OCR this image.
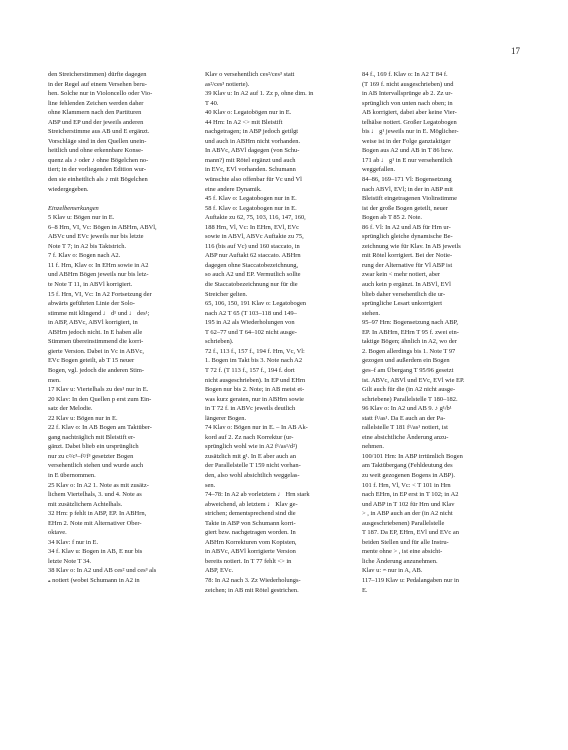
17

den Streicherstimmen) dürfte dagegen

in der Regel auf einem Versehen beru-

hen. Solche nur in Violoncello oder Vio-

line fehlenden Zeichen werden daher

ohne Klammern nach den Partituren

ABP und EP und der jeweils anderen

Streicherstimme aus AB und E ergänzt.

Vorschläge sind in den Quellen unein-

heitlich und ohne erkennbare Konse-

quenz als ♪ oder ♪ ohne Bögelchen no-

tiert; in der vorliegenden Edition wur-

den sie einheitlich als ♪ mit Bögelchen

wiedergegeben.

Einzelbemerkungen

5 Klav u: Bögen nur in E.

6–8 Hrn, VI, Vc: Bögen in ABHrn, ABVl,

ABVc und EVc jeweils nur bis letzte

Note T 7; in A2 bis Taktstrich.

7 f. Klav o: Bogen nach A2.

11 f. Hrn, Klav o: In EHrn sowie in A2

und ABHrn Bögen jeweils nur bis letz-

te Note T 11, in ABVl korrigiert.

15 f. Hrn, VI, Vc: In A2 Fortsetzung der

abwärts geführten Linie der Solo-

stimme mit klingend ♩ d¹ und ♩ des¹;

in ABP, ABVc, ABVl korrigiert, in

ABHrn jedoch nicht. In E haben alle

Stimmen übereinstimmend die korri-

gierte Version. Dabei in Vc in ABVc,

EVc Bogen geteilt, ab T 15 neuer

Bogen, vgl. jedoch die anderen Stim-

men.

17 Klav u: Viertelhals zu des¹ nur in E.

20 Klav: In den Quellen p erst zum Ein-

satz der Melodie.

22 Klav u: Bögen nur in E.

22 f. Klav o: In AB Bogen am Taktüber-

gang nachträglich mit Bleistift er-

gänzt. Dabei blieb ein ursprünglich

nur zu c²/c³–f²/f³ gesetzter Bogen

versehentlich stehen und wurde auch

in E übernommen.

25 Klav o: In A2 1. Note as mit zusätz-

lichem Viertelhals, 3. und 4. Note as

mit zusätzlichem Achtelhals.

32 Hrn: p fehlt in ABP, EP. In ABHrn,

EHrn 2. Note mit Alternativer Ober-

oktave.

34 Klav: f nur in E.

34 f. Klav u: Bogen in AB, E nur bis

letzte Note T 34.

38 Klav o: In A2 und AB ces² und ces³ als

𝅝 notiert (wobei Schumann in A2 in

Klav o versehentlich ces²/ces³ statt

as²/ces³ notierte).

39 Klav u: In A2 auf 1. Zz p, ohne dim. in

T 40.

40 Klav o: Legatobögen nur in E.

44 Hrn: In A2 <> mit Bleistift

nachgetragen; in ABP jedoch getilgt

und auch in ABHrn nicht vorhanden.

In ABVc, ABVl dagegen (von Schu-

mann?) mit Rötel ergänzt und auch

in EVc, EVl vorhanden. Schumann

wünschte also offenbar für Vc und Vl

eine andere Dynamik.

45 f. Klav o: Legatobogen nur in E.

58 f. Klav o: Legatobogen nur in E.

Auftakte zu 62, 75, 103, 116, 147, 160,

188 Hrn, Vl, Vc: In EHrn, EVl, EVc

sowie in ABVl, ABVc Auftakte zu 75,

116 (bis auf Vc) und 160 staccato, in

ABP nur Auftakt 62 staccato. ABHrn

dagegen ohne Staccatobezeichnung,

so auch A2 und EP. Vermutlich sollte

die Staccatobezeichnung nur für die

Streicher gelten.

65, 106, 150, 191 Klav o: Legatobogen

nach A2 T 65 (T 103–118 und 149–

195 in A2 als Wiederholungen von

T 62–77 und T 64–102 nicht ausge-

schrieben).

72 f., 113 f., 157 f., 194 f. Hrn, Vc, Vl:

1. Bogen im Takt bis 3. Note nach A2

T 72 f. (T 113 f., 157 f., 194 f. dort

nicht ausgeschrieben). In EP und EHrn

Bogen nur bis 2. Note; in AB meist et-

was kurz geraten, nur in ABHrn sowie

in T 72 f. in ABVc jeweils deutlich

längerer Bogen.

74 Klav o: Bögen nur in E. – In AB Ak-

kord auf 2. Zz nach Korrektur (ur-

sprünglich wohl wie in A2 f¹/as¹/d²)

zusätzlich mit g¹. In E aber auch an

der Parallelstelle T 159 nicht vorhan-

den, also wohl absichtlich weggelas-

sen.

74–78: In A2 ab vorletztem ♩ Hrn stark

abweichend, ab letztem ♩ Klav ge-

strichen; dementsprechend sind die

Takte in ABP von Schumann korri-

giert bzw. nachgetragen worden. In

ABHrn Korrekturen vom Kopisten,

in ABVc, ABVl korrigierte Version

bereits notiert. In T 77 fehlt <> in

ABP, EVc.

78: In A2 nach 3. Zz Wiederholungs-

zeichen; in AB mit Rötel gestrichen.

84 f., 169 f. Klav o: In A2 T 84 f.

(T 169 f. nicht ausgeschrieben) und

in AB Intervallsprünge ab 2. Zz ur-

sprünglich von unten nach oben; in

AB korrigiert, dabei aber keine Vier-

telhälse notiert. Großer Legatobogen

bis ♩ g¹ jeweils nur in E. Möglicher-

weise ist in der Folge ganztaktiger

Bogen aus A2 und AB in T 86 bzw.

171 ab ♩ g¹ in E nur versehentlich

weggefallen.

84–86, 169–171 Vl: Bogensetzung

nach ABVl, EVl; in der in ABP mit

Bleistift eingetragenen Violinstimme

ist der große Bogen geteilt, neuer

Bogen ab T 85 2. Note.

86 f. Vl: In A2 und AB für Hrn ur-

sprünglich gleiche dynamische Be-

zeichnung wie für Klav. In AB jeweils

mit Rötel korrigiert. Bei der Notie-

rung der Alternative für Vl ABP ist

zwar kein < mehr notiert, aber

auch kein p ergänzt. In ABVl, EVl

blieb daher versehentlich die ur-

sprüngliche Lesart unkorrigiert

stehen.

95–97 Hrn: Bogensetzung nach ABP,

EP. In ABHrn, EHrn T 95 f. zwei ein-

taktige Bögen; ähnlich in A2, wo der

2. Bogen allerdings bis 1. Note T 97

gezogen und außerdem ein Bogen

ges–f am Übergang T 95/96 gesetzt

ist. ABVc, ABVl und EVc, EVl wie EP.

Gilt auch für die (in A2 nicht ausge-

schriebene) Parallelstelle T 180–182.

96 Klav o: In A2 und AB 9. ♪ g¹/b¹

statt f¹/as¹. Da E auch an der Pa-

rallelstelle T 181 f¹/as¹ notiert, ist

eine absichtliche Änderung anzu-

nehmen.

100/101 Hrn: In ABP irrtümlich Bogen

am Taktübergang (Fehldeutung des

zu weit gezogenen Bogens in ABP).

101 f. Hrn, Vl, Vc: < T 101 in Hrn

nach EHrn, in EP erst in T 102; in A2

und ABP in T 102 für Hrn und Klav

> , in ABP auch an der (in A2 nicht

ausgeschriebenen) Parallelstelle

T 187. Da EP, EHrn, EVl und EVc an

beiden Stellen und für alle Instru-

mente ohne > , ist eine absicht-

liche Änderung anzunehmen.

Klav u: 𝄐 nur in A, AB.

117–119 Klav u: Pedalangaben nur in

E.
